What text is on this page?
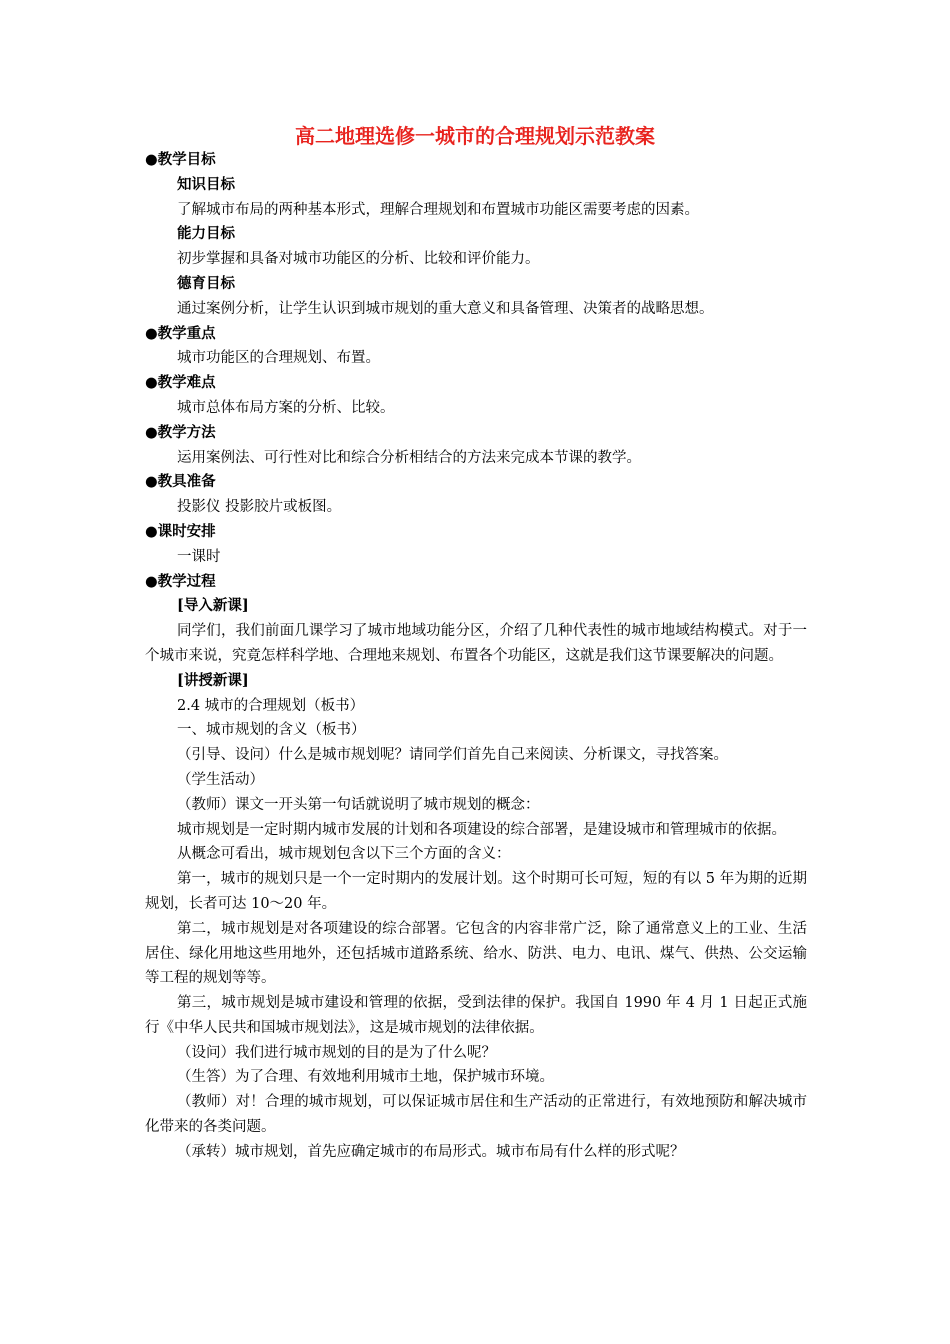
高二地理选修一城市的合理规划示范教案

●教学目标

知识目标

了解城市布局的两种基本形式，理解合理规划和布置城市功能区需要考虑的因素。

能力目标

初步掌握和具备对城市功能区的分析、比较和评价能力。

德育目标

通过案例分析，让学生认识到城市规划的重大意义和具备管理、决策者的战略思想。

●教学重点

城市功能区的合理规划、布置。

●教学难点

城市总体布局方案的分析、比较。

●教学方法

运用案例法、可行性对比和综合分析相结合的方法来完成本节课的教学。

●教具准备

投影仪 投影胶片或板图。

●课时安排

一课时

●教学过程

[导入新课]

同学们，我们前面几课学习了城市地域功能分区，介绍了几种代表性的城市地域结构模式。对于一个城市来说，究竟怎样科学地、合理地来规划、布置各个功能区，这就是我们这节课要解决的问题。

[讲授新课]

2.4 城市的合理规划（板书）

一、城市规划的含义（板书）

（引导、设问）什么是城市规划呢？请同学们首先自己来阅读、分析课文，寻找答案。

（学生活动）

（教师）课文一开头第一句话就说明了城市规划的概念：

城市规划是一定时期内城市发展的计划和各项建设的综合部署，是建设城市和管理城市的依据。

从概念可看出，城市规划包含以下三个方面的含义：

第一，城市的规划只是一个一定时期内的发展计划。这个时期可长可短，短的有以 5 年为期的近期规划，长者可达 10～20 年。

第二，城市规划是对各项建设的综合部署。它包含的内容非常广泛，除了通常意义上的工业、生活居住、绿化用地这些用地外，还包括城市道路系统、给水、防洪、电力、电讯、煤气、供热、公交运输等工程的规划等等。

第三，城市规划是城市建设和管理的依据，受到法律的保护。我国自 1990 年 4 月 1 日起正式施行《中华人民共和国城市规划法》，这是城市规划的法律依据。

（设问）我们进行城市规划的目的是为了什么呢？

（生答）为了合理、有效地利用城市土地，保护城市环境。

（教师）对！合理的城市规划，可以保证城市居住和生产活动的正常进行，有效地预防和解决城市化带来的各类问题。

（承转）城市规划，首先应确定城市的布局形式。城市布局有什么样的形式呢？
